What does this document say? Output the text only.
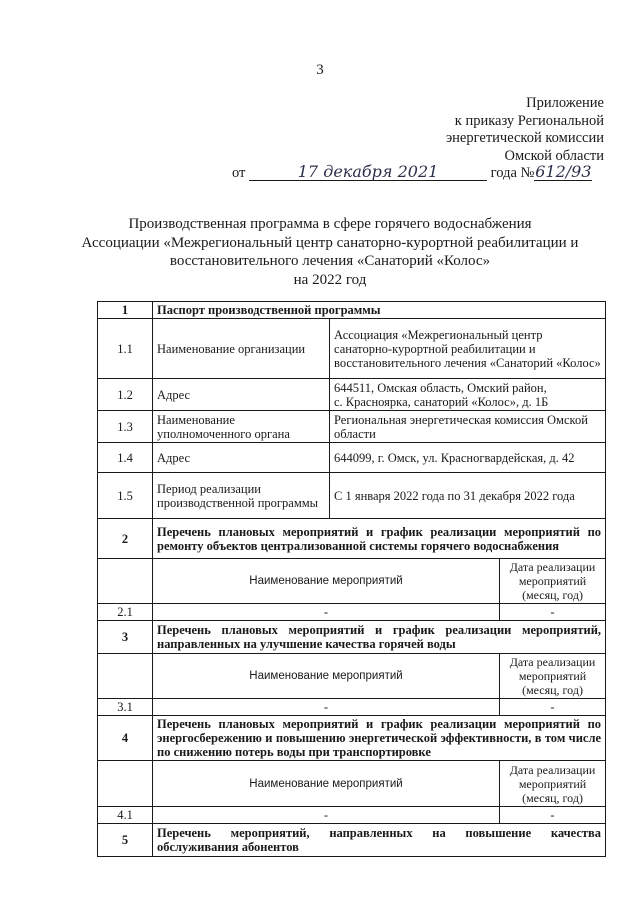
3
Приложение
к приказу Региональной
энергетической комиссии
Омской области
от	17 декабря 2021	года №612/93
Производственная программа в сфере горячего водоснабжения
Ассоциации «Межрегиональный центр санаторно-курортной реабилитации и
восстановительного лечения «Санаторий «Колос»
на 2022 год
1	Паспорт производственной программы		
1.1	Наименование организации	Ассоциация «Межрегиональный центр санаторно-курортной реабилитации и восстановительного лечения «Санаторий «Колос»	
1.2	Адрес	644511, Омская область, Омский район,
с. Красноярка, санаторий «Колос», д. 1Б	

1.3	Наименование уполномоченного органа	Региональная энергетическая комиссия Омской области	
1.4	Адрес	644099, г. Омск, ул. Красногвардейская, д. 42	
1.5	Период реализации производственной программы	С 1 января 2022 года по 31 декабря 2022 года	
2	Перечень плановых мероприятий и график реализации мероприятий по ремонту объектов централизованной системы горячего водоснабжения		
	Наименование мероприятий		Дата реализации мероприятий (месяц, год)
2.1	-		-
3	Перечень плановых мероприятий и график реализации мероприятий, направленных на улучшение качества горячей воды		
	Наименование мероприятий		Дата реализации мероприятий (месяц, год)
3.1	-		-
4	Перечень плановых мероприятий и график реализации мероприятий по энергосбережению и повышению энергетической эффективности, в том числе по снижению потерь воды при транспортировке		
	Наименование мероприятий		Дата реализации мероприятий (месяц, год)
4.1	-		-
5	Перечень мероприятий, направленных на повышение качества обслуживания абонентов		
